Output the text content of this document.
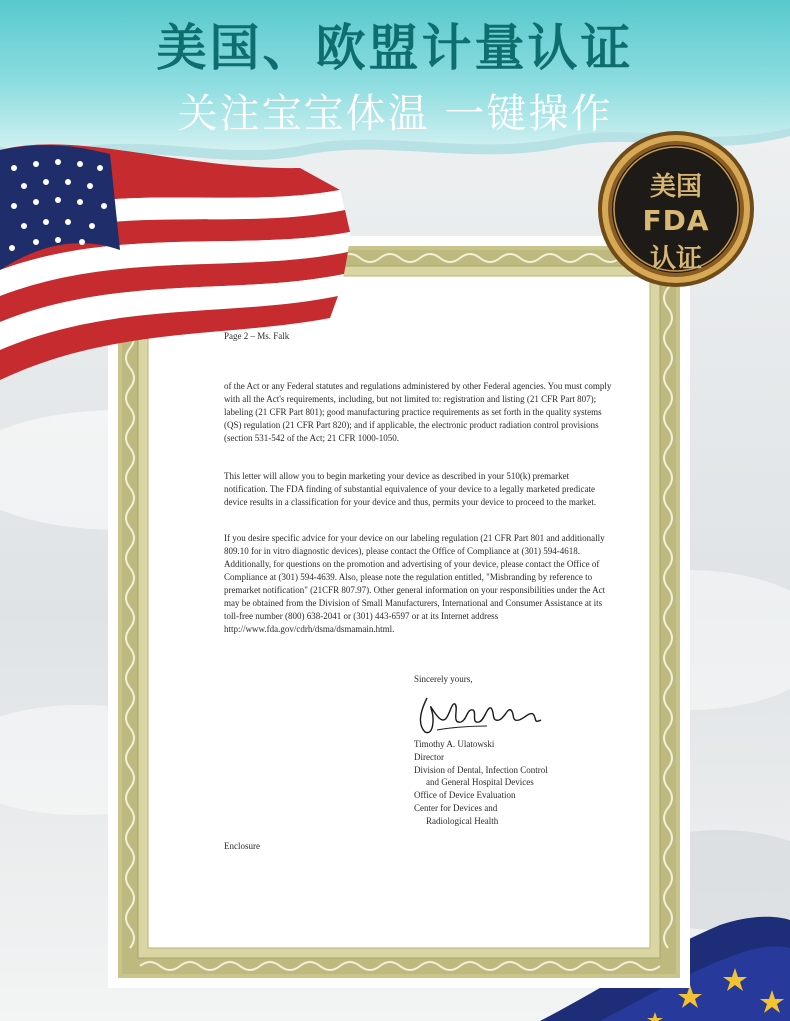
美国、欧盟计量认证
关注宝宝体温 一键操作
美国
FDA
认证

Page 2 – Ms. Falk

of the Act or any Federal statutes and regulations administered by other Federal agencies. You must comply with all the Act's requirements, including, but not limited to: registration and listing (21 CFR Part 807); labeling (21 CFR Part 801); good manufacturing practice requirements as set forth in the quality systems (QS) regulation (21 CFR Part 820); and if applicable, the electronic product radiation control provisions (section 531-542 of the Act; 21 CFR 1000-1050.

This letter will allow you to begin marketing your device as described in your 510(k) premarket notification. The FDA finding of substantial equivalence of your device to a legally marketed predicate device results in a classification for your device and thus, permits your device to proceed to the market.

If you desire specific advice for your device on our labeling regulation (21 CFR Part 801 and additionally 809.10 for in vitro diagnostic devices), please contact the Office of Compliance at (301) 594-4618. Additionally, for questions on the promotion and advertising of your device, please contact the Office of Compliance at (301) 594-4639. Also, please note the regulation entitled, "Misbranding by reference to premarket notification" (21CFR 807.97). Other general information on your responsibilities under the Act may be obtained from the Division of Small Manufacturers, International and Consumer Assistance at its toll-free number (800) 638-2041 or (301) 443-6597 or at its Internet address http://www.fda.gov/cdrh/dsma/dsmamain.html.

Sincerely yours,

Timothy A. Ulatowski
Director
Division of Dental, Infection Control
and General Hospital Devices
Office of Device Evaluation
Center for Devices and
Radiological Health

Enclosure
